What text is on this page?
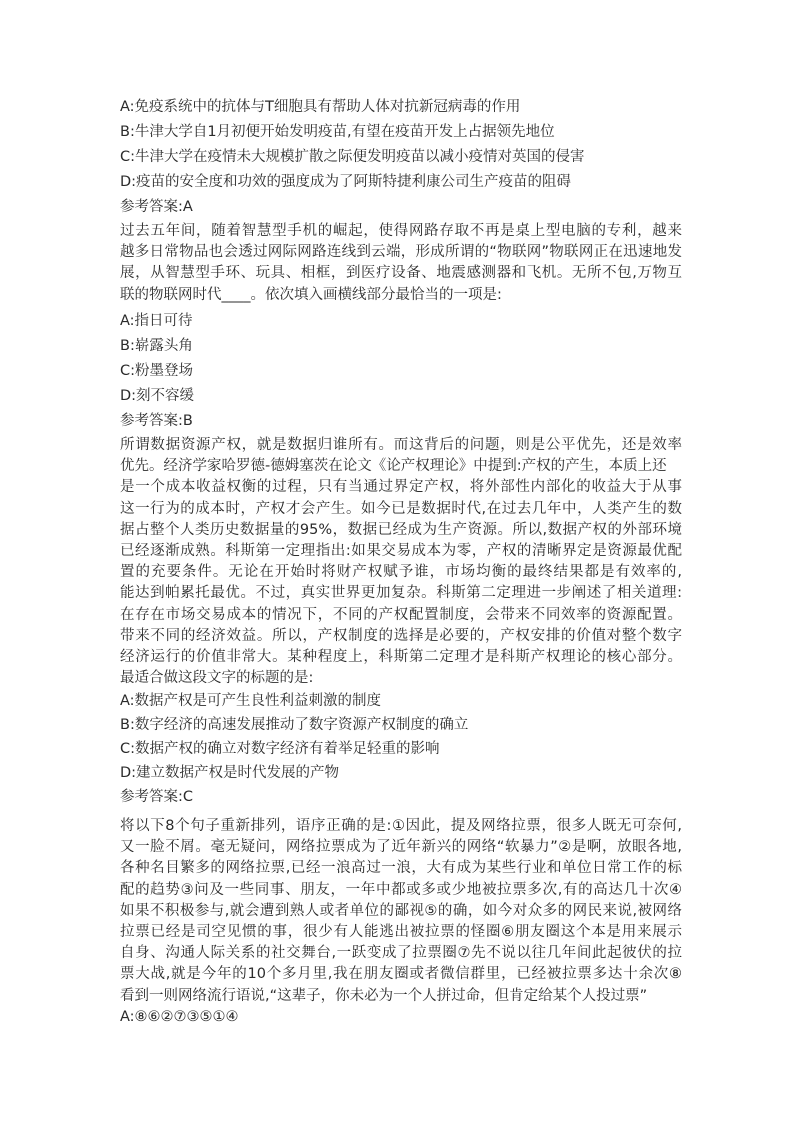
A:免疫系统中的抗体与T细胞具有帮助人体对抗新冠病毒的作用
B:牛津大学自1月初便开始发明疫苗,有望在疫苗开发上占据领先地位
C:牛津大学在疫情未大规模扩散之际便发明疫苗以减小疫情对英国的侵害
D:疫苗的安全度和功效的强度成为了阿斯特捷利康公司生产疫苗的阻碍
参考答案:A
过去五年间，随着智慧型手机的崛起，使得网路存取不再是桌上型电脑的专利，越来
越多日常物品也会透过网际网路连线到云端，形成所谓的“物联网”物联网正在迅速地发
展，从智慧型手环、玩具、相框，到医疗设备、地震感测器和飞机。无所不包,万物互
联的物联网时代____。依次填入画横线部分最恰当的一项是:
A:指日可待
B:崭露头角
C:粉墨登场
D:刻不容缓
参考答案:B
所谓数据资源产权，就是数据归谁所有。而这背后的问题，则是公平优先，还是效率
优先。经济学家哈罗德-德姆塞茨在论文《论产权理论》中提到:产权的产生，本质上还
是一个成本收益权衡的过程，只有当通过界定产权，将外部性内部化的收益大于从事
这一行为的成本时，产权才会产生。如今已是数据时代,在过去几年中，人类产生的数
据占整个人类历史数据量的95%，数据已经成为生产资源。所以,数据产权的外部环境
已经逐渐成熟。科斯第一定理指出:如果交易成本为零，产权的清晰界定是资源最优配
置的充要条件。无论在开始时将财产权赋予谁，市场均衡的最终结果都是有效率的,
能达到帕累托最优。不过，真实世界更加复杂。科斯第二定理进一步阐述了相关道理:
在存在市场交易成本的情况下，不同的产权配置制度，会带来不同效率的资源配置。
带来不同的经济效益。所以，产权制度的选择是必要的，产权安排的价值对整个数字
经济运行的价值非常大。某种程度上，科斯第二定理才是科斯产权理论的核心部分。
最适合做这段文字的标题的是:
A:数据产权是可产生良性利益刺激的制度
B:数字经济的高速发展推动了数字资源产权制度的确立
C:数据产权的确立对数字经济有着举足轻重的影响
D:建立数据产权是时代发展的产物
参考答案:C
将以下8个句子重新排列，语序正确的是:①因此，提及网络拉票，很多人既无可奈何,
又一脸不屑。毫无疑问，网络拉票成为了近年新兴的网络“软暴力”②是啊，放眼各地,
各种名目繁多的网络拉票,已经一浪高过一浪，大有成为某些行业和单位日常工作的标
配的趋势③问及一些同事、朋友，一年中都或多或少地被拉票多次,有的高达几十次④
如果不积极参与,就会遭到熟人或者单位的鄙视⑤的确，如今对众多的网民来说,被网络
拉票已经是司空见惯的事，很少有人能逃出被拉票的怪圈⑥朋友圈这个本是用来展示
自身、沟通人际关系的社交舞台,一跃变成了拉票圈⑦先不说以往几年间此起彼伏的拉
票大战,就是今年的10个多月里,我在朋友圈或者微信群里，已经被拉票多达十余次⑧
看到一则网络流行语说,“这辈子，你未必为一个人拼过命，但肯定给某个人投过票”
A:⑧⑥②⑦③⑤①④
